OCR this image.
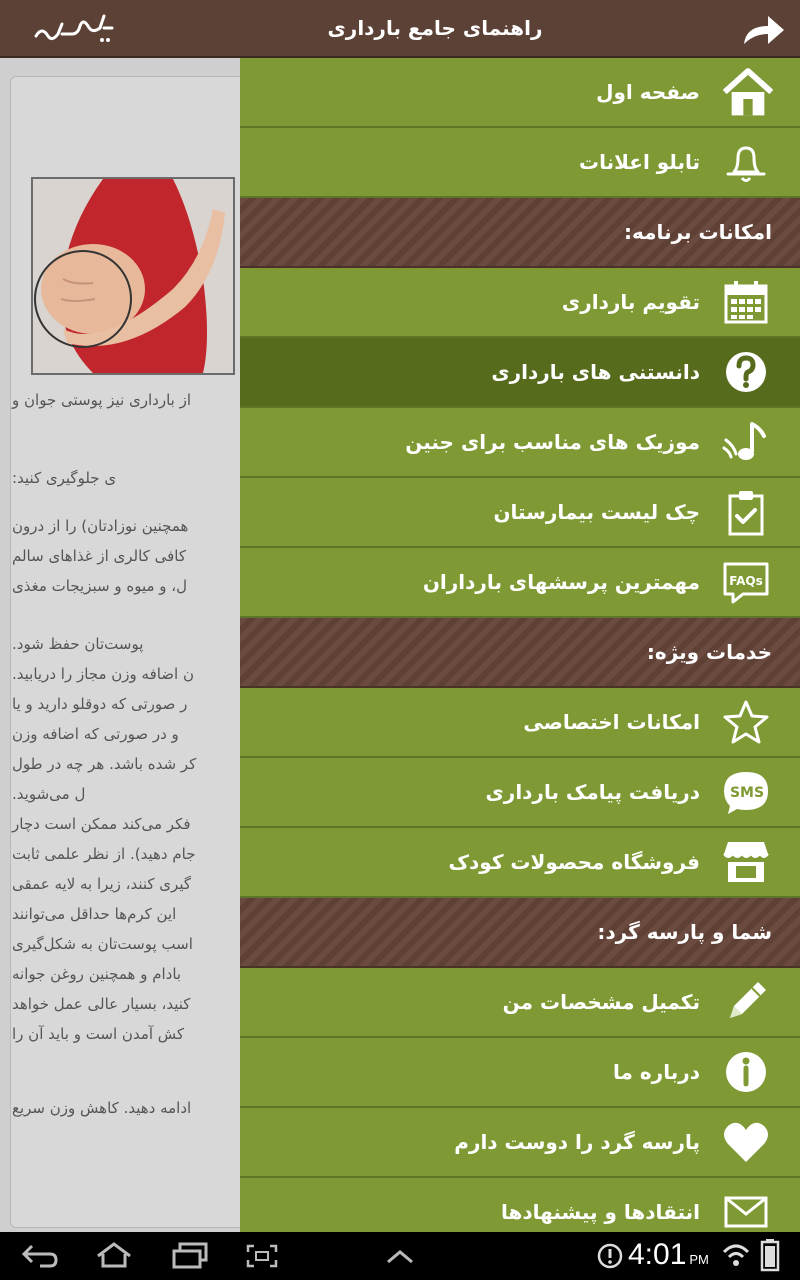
راهنمای جامع بارداری
از بارداری نیز پوستی جوان و
ی جلوگیری کنید:
همچنین نوزادتان) را از درون
کافی کالری از غذاهای سالم
ل، و میوه و سبزیجات مغذی
پوست‌تان حفظ شود.
ن اضافه وزن مجاز را دریابید.
ر صورتی که دوقلو دارید و یا
و در صورتی که اضافه وزن
کر شده باشد. هر چه در طول
ل می‌شوید.
فکر می‌کند ممکن است دچار
جام دهید). از نظر علمی ثابت
گیری کنند، زیرا به لایه عمقی
این کرم‌ها حداقل می‌توانند
اسب پوست‌تان به شکل‌گیری
بادام و همچنین روغن جوانه
کنید، بسیار عالی عمل خواهد
کش آمدن است و باید آن را
ادامه دهید. کاهش وزن سریع
صفحه اول
تابلو اعلانات
امکانات برنامه:
تقویم بارداری
دانستنی های بارداری
موزیک های مناسب برای جنین
چک لیست بیمارستان
مهمترین پرسشهای بارداران FAQs
خدمات ویژه:
امکانات اختصاصی
دریافت پیامک بارداری SMS
فروشگاه محصولات کودک
شما و پارسه گرد:
تکمیل مشخصات من
درباره ما
پارسه گرد را دوست دارم
انتقادها و پیشنهادها
4:01 PM
